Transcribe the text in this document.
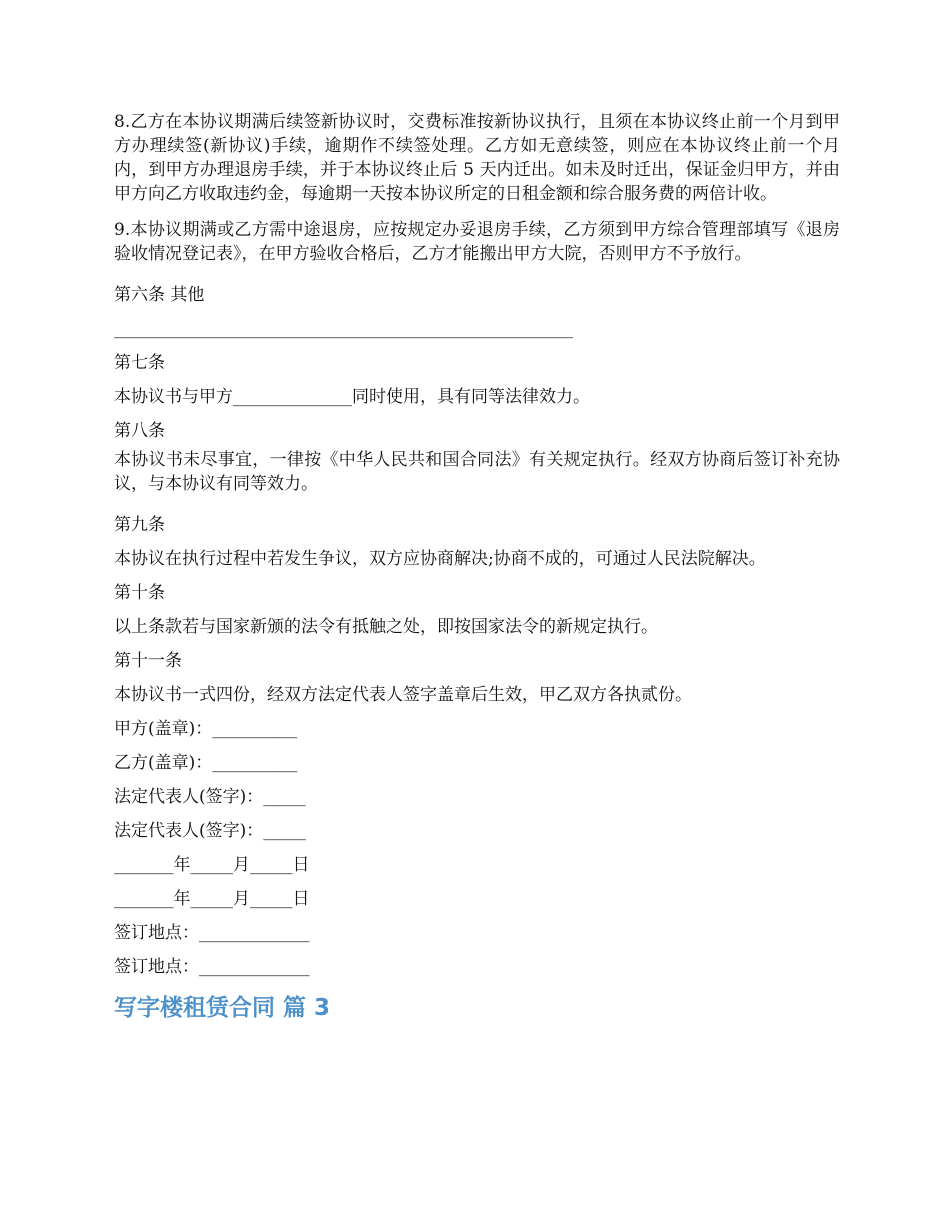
8.乙方在本协议期满后续签新协议时，交费标准按新协议执行，且须在本协议终止前一个月到甲方办理续签(新协议)手续，逾期作不续签处理。乙方如无意续签，则应在本协议终止前一个月内，到甲方办理退房手续，并于本协议终止后 5 天内迁出。如未及时迁出，保证金归甲方，并由甲方向乙方收取违约金，每逾期一天按本协议所定的日租金额和综合服务费的两倍计收。

9.本协议期满或乙方需中途退房，应按规定办妥退房手续，乙方须到甲方综合管理部填写《退房验收情况登记表》，在甲方验收合格后，乙方才能搬出甲方大院，否则甲方不予放行。

第六条 其他

______________________________________________________

第七条

本协议书与甲方______________同时使用，具有同等法律效力。

第八条

本协议书未尽事宜，一律按《中华人民共和国合同法》有关规定执行。经双方协商后签订补充协议，与本协议有同等效力。

第九条

本协议在执行过程中若发生争议，双方应协商解决;协商不成的，可通过人民法院解决。

第十条

以上条款若与国家新颁的法令有抵触之处，即按国家法令的新规定执行。

第十一条

本协议书一式四份，经双方法定代表人签字盖章后生效，甲乙双方各执贰份。

甲方(盖章)：__________

乙方(盖章)：__________

法定代表人(签字)：_____

法定代表人(签字)：_____

_______年_____月_____日

_______年_____月_____日

签订地点：_____________

签订地点：_____________

写字楼租赁合同 篇 3
